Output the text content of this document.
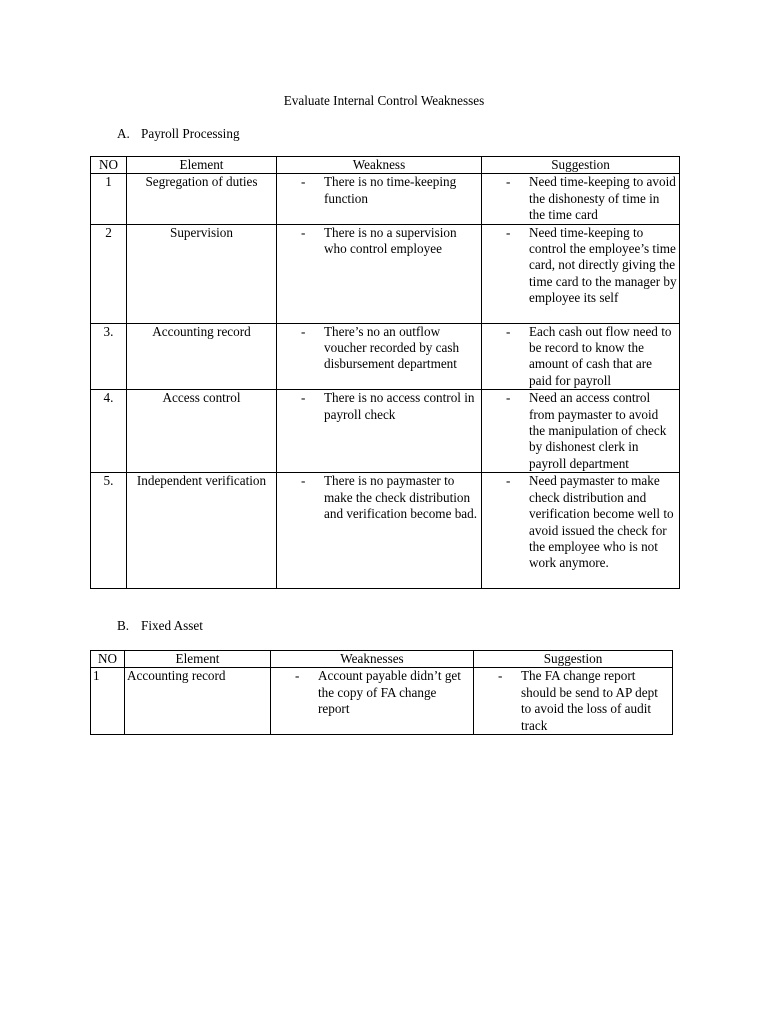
Evaluate Internal Control Weaknesses
A. Payroll Processing
NO	Element	Weakness	Suggestion
1	Segregation of duties	- There is no time-keeping function	- Need time-keeping to avoid the dishonesty of time in the time card

2	Supervision	- There is no a supervision who control employee	- Need time-keeping to control the employee’s time card, not directly giving the time card to the manager by employee its self

3.	Accounting record	- There’s no an outflow voucher recorded by cash disbursement department	- Each cash out flow need to be record to know the amount of cash that are paid for payroll

4.	Access control	- There is no access control in payroll check	- Need an access control from paymaster to avoid the manipulation of check by dishonest clerk in payroll department

5.	Independent verification	- There is no paymaster to make the check distribution and verification become bad.	- Need paymaster to make check distribution and verification become well to avoid issued the check for the employee who is not work anymore.
B. Fixed Asset
NO	Element	Weaknesses	Suggestion
1	Accounting record	- Account payable didn’t get the copy of FA change report	- The FA change report should be send to AP dept to avoid the loss of audit track
